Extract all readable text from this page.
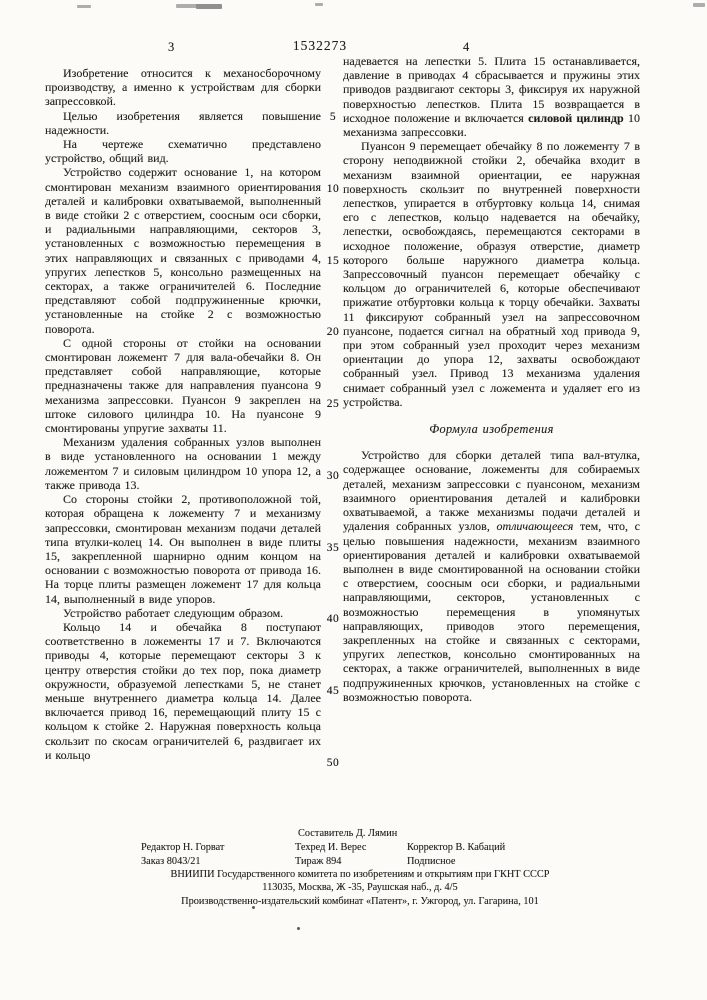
3	1532273	4

Изобретение относится к механосборочному производству, а именно к устройствам для сборки запрессовкой.

Целью изобретения является повышение надежности.

На чертеже схематично представлено устройство, общий вид.

Устройство содержит основание 1, на котором смонтирован механизм взаимного ориентирования деталей и калибровки охватываемой, выполненный в виде стойки 2 с отверстием, соосным оси сборки, и радиальными направляющими, секторов 3, установленных с возможностью перемещения в этих направляющих и связанных с приводами 4, упругих лепестков 5, консольно размещенных на секторах, а также ограничителей 6. Последние представляют собой подпружиненные крючки, установленные на стойке 2 с возможностью поворота.

С одной стороны от стойки на основании смонтирован ложемент 7 для вала-обечайки 8. Он представляет собой направляющие, которые предназначены также для направления пуансона 9 механизма запрессовки. Пуансон 9 закреплен на штоке силового цилиндра 10. На пуансоне 9 смонтированы упругие захваты 11.

Механизм удаления собранных узлов выполнен в виде установленного на основании 1 между ложементом 7 и силовым цилиндром 10 упора 12, а также привода 13.

Со стороны стойки 2, противоположной той, которая обращена к ложементу 7 и механизму запрессовки, смонтирован механизм подачи деталей типа втулки-колец 14. Он выполнен в виде плиты 15, закрепленной шарнирно одним концом на основании с возможностью поворота от привода 16. На торце плиты размещен ложемент 17 для кольца 14, выполненный в виде упоров.

Устройство работает следующим образом.

Кольцо 14 и обечайка 8 поступают соответственно в ложементы 17 и 7. Включаются приводы 4, которые перемещают секторы 3 к центру отверстия стойки до тех пор, пока диаметр окружности, образуемой лепестками 5, не станет меньше внутреннего диаметра кольца 14. Далее включается привод 16, перемещающий плиту 15 с кольцом к стойке 2. Наружная поверхность кольца скользит по скосам ограничителей 6, раздвигает их и кольцо

5
10
15
20
25
30
35
40
45
50

надевается на лепестки 5. Плита 15 останавливается, давление в приводах 4 сбрасывается и пружины этих приводов раздвигают секторы 3, фиксируя их наружной поверхностью лепестков. Плита 15 возвращается в исходное положение и включается силовой цилиндр 10 механизма запрессовки.

Пуансон 9 перемещает обечайку 8 по ложементу 7 в сторону неподвижной стойки 2, обечайка входит в механизм взаимной ориентации, ее наружная поверхность скользит по внутренней поверхности лепестков, упирается в отбуртовку кольца 14, снимая его с лепестков, кольцо надевается на обечайку, лепестки, освобождаясь, перемещаются секторами в исходное положение, образуя отверстие, диаметр которого больше наружного диаметра кольца. Запрессовочный пуансон перемещает обечайку с кольцом до ограничителей 6, которые обеспечивают прижатие отбуртовки кольца к торцу обечайки. Захваты 11 фиксируют собранный узел на запрессовочном пуансоне, подается сигнал на обратный ход привода 9, при этом собранный узел проходит через механизм ориентации до упора 12, захваты освобождают собранный узел. Привод 13 механизма удаления снимает собранный узел с ложемента и удаляет его из устройства.

Формула изобретения

Устройство для сборки деталей типа вал-втулка, содержащее основание, ложементы для собираемых деталей, механизм запрессовки с пуансоном, механизм взаимного ориентирования деталей и калибровки охватываемой, а также механизмы подачи деталей и удаления собранных узлов, отличающееся тем, что, с целью повышения надежности, механизм взаимного ориентирования деталей и калибровки охватываемой выполнен в виде смонтированной на основании стойки с отверстием, соосным оси сборки, и радиальными направляющими, секторов, установленных с возможностью перемещения в упомянутых направляющих, приводов этого перемещения, закрепленных на стойке и связанных с секторами, упругих лепестков, консольно смонтированных на секторах, а также ограничителей, выполненных в виде подпружиненных крючков, установленных на стойке с возможностью поворота.

Составитель Д. Лямин
Редактор Н. Горват	Техред И. Верес	Корректор В. Кабаций
Заказ 8043/21	Тираж 894	Подписное
ВНИИПИ Государственного комитета по изобретениям и открытиям при ГКНТ СССР
113035, Москва, Ж -35, Раушская наб., д. 4/5
Производственно-издательский комбинат «Патент», г. Ужгород, ул. Гагарина, 101
